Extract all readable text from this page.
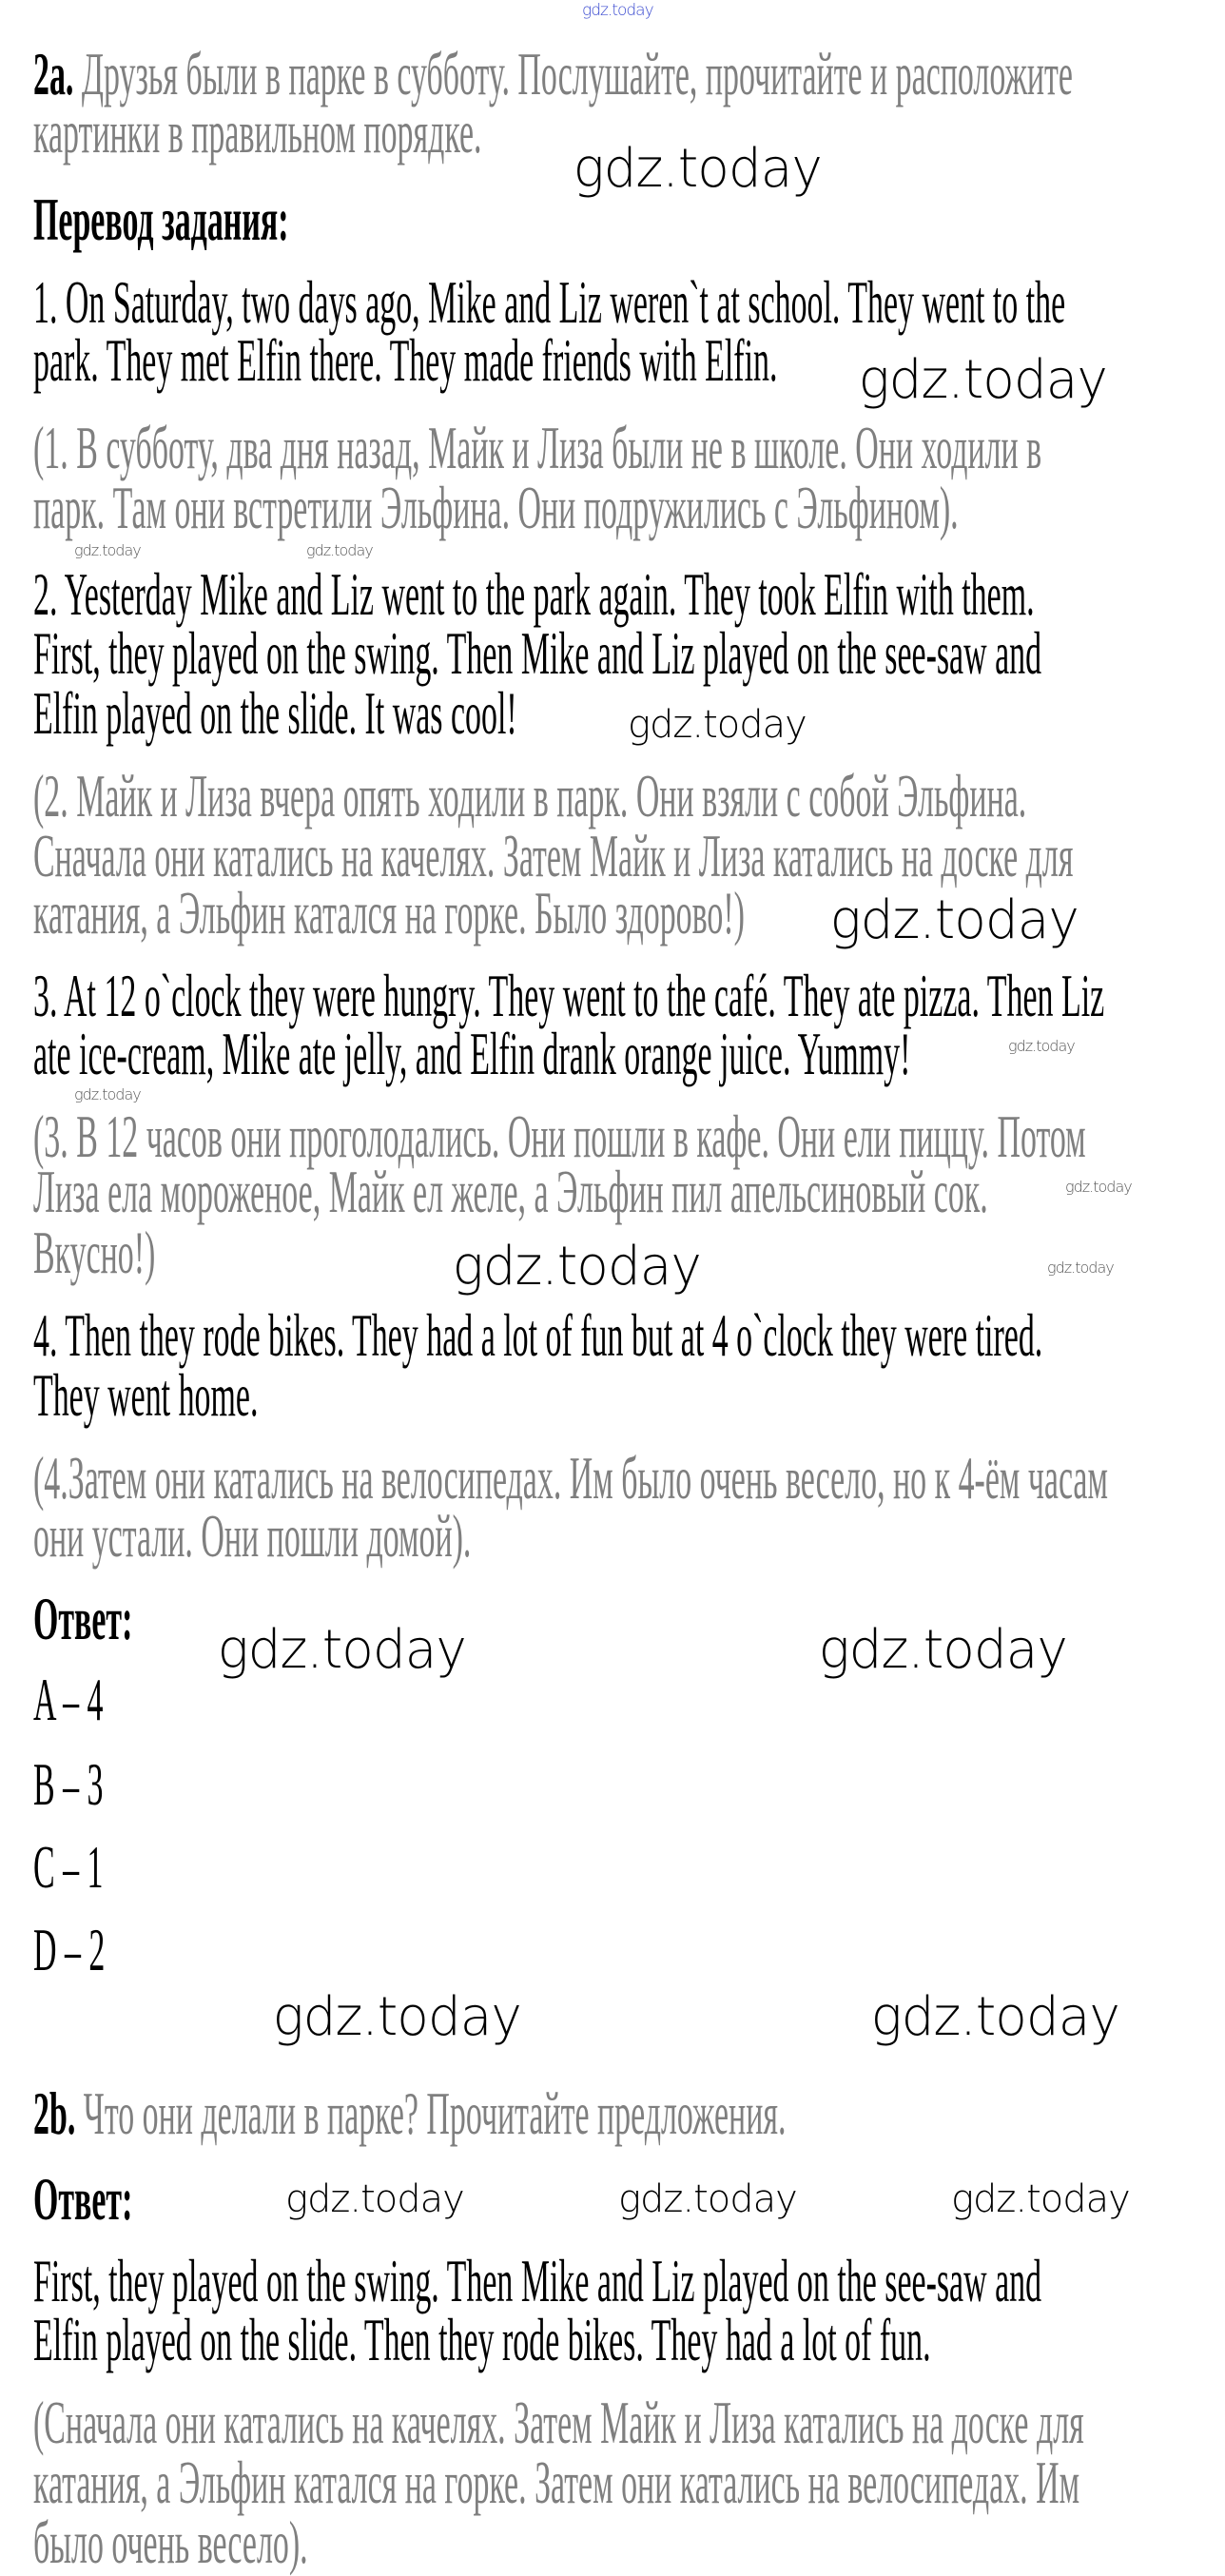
gdz.today
gdz.today
gdz.today
gdz.today	gdz.today
gdz.today
gdz.today
gdz.today
gdz.today
gdz.today
gdz.today
gdz.today
gdz.today	gdz.today
gdz.today	gdz.today
gdz.today	gdz.today	gdz.today
2a. Друзья были в парке в субботу. Послушайте, прочитайте и расположите
картинки в правильном порядке.
Перевод задания:
1. On Saturday, two days ago, Mike and Liz weren`t at school. They went to the
park. They met Elfin there. They made friends with Elfin.
(1. В субботу, два дня назад, Майк и Лиза были не в школе. Они ходили в
парк. Там они встретили Эльфина. Они подружились с Эльфином).
2. Yesterday Mike and Liz went to the park again. They took Elfin with them.
First, they played on the swing. Then Mike and Liz played on the see-saw and
Elfin played on the slide. It was cool!
(2. Майк и Лиза вчера опять ходили в парк. Они взяли с собой Эльфина.
Сначала они катались на качелях. Затем Майк и Лиза катались на доске для
катания, а Эльфин катался на горке. Было здорово!)
3. At 12 o`clock they were hungry. They went to the café. They ate pizza. Then Liz
ate ice-cream, Mike ate jelly, and Elfin drank orange juice. Yummy!
(3. В 12 часов они проголодались. Они пошли в кафе. Они ели пиццу. Потом
Лиза ела мороженое, Майк ел желе, а Эльфин пил апельсиновый сок.
Вкусно!)
4. Then they rode bikes. They had a lot of fun but at 4 o`clock they were tired.
They went home.
(4.Затем они катались на велосипедах. Им было очень весело, но к 4-ём часам
они устали. Они пошли домой).
Ответ:
A – 4
B – 3
C – 1
D – 2
2b. Что они делали в парке? Прочитайте предложения.
Ответ:
First, they played on the swing. Then Mike and Liz played on the see-saw and
Elfin played on the slide. Then they rode bikes. They had a lot of fun.
(Сначала они катались на качелях. Затем Майк и Лиза катались на доске для
катания, а Эльфин катался на горке. Затем они катались на велосипедах. Им
было очень весело).
